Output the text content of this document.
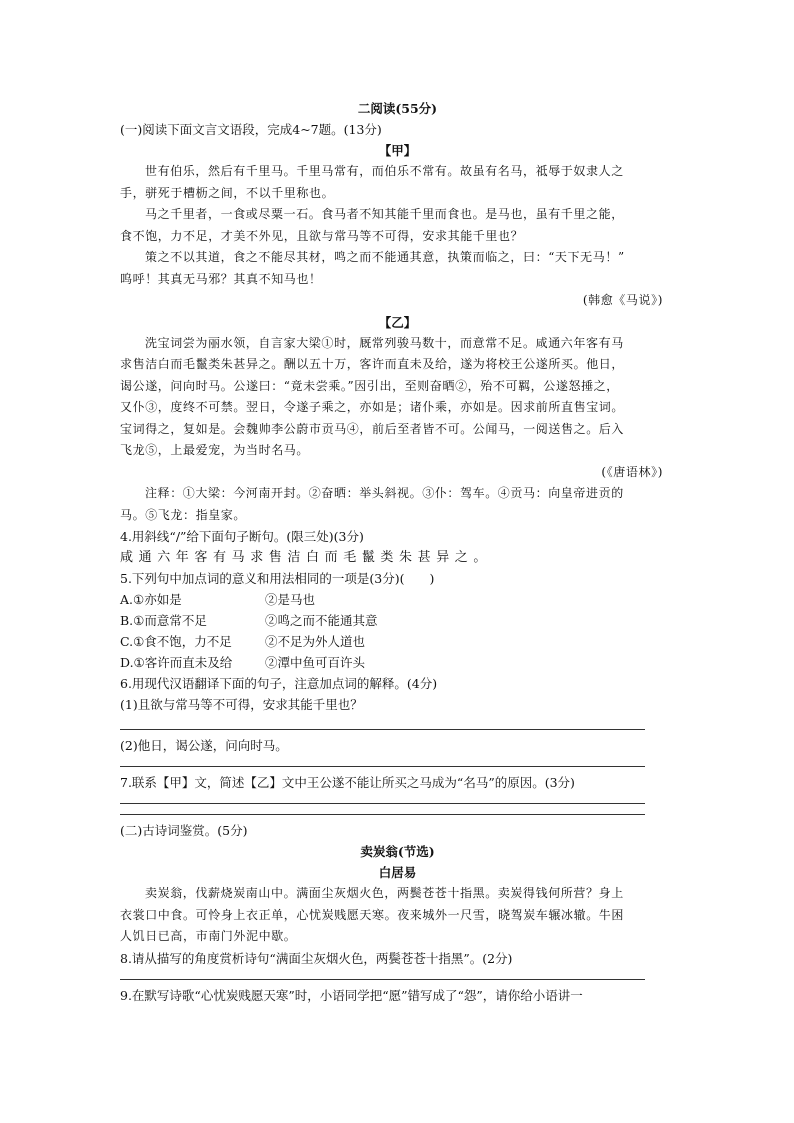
二阅读(55分)
(一)阅读下面文言文语段，完成4~7题。(13分)
【甲】
世有伯乐，然后有千里马。千里马常有，而伯乐不常有。故虽有名马，祗辱于奴隶人之
手，骈死于槽枥之间，不以千里称也。
马之千里者，一食或尽粟一石。食马者不知其能千里而食也。是马也，虽有千里之能，
食不饱，力不足，才美不外见，且欲与常马等不可得，安求其能千里也？
策之不以其道，食之不能尽其材，鸣之而不能通其意，执策而临之，曰：“天下无马！”
呜呼！其真无马邪？其真不知马也！
(韩愈《马说》)
【乙】
洗宝词尝为丽水领，自言家大梁①时，厩常列骏马数十，而意常不足。咸通六年客有马
求售洁白而毛鬣类朱甚异之。酬以五十万，客许而直未及给，遂为将校王公遂所买。他日，
谒公遂，问向时马。公遂曰：“竟未尝乘。”因引出，至则奋晒②，殆不可羁，公遂怒捶之，
又仆③，度终不可禁。翌日，令遂子乘之，亦如是；诸仆乘，亦如是。因求前所直售宝词。
宝词得之，复如是。会魏帅李公蔚市贡马④，前后至者皆不可。公闻马，一阅送售之。后入
飞龙⑤，上最爱宠，为当时名马。
(《唐语林》)
注释：①大梁：今河南开封。②奋晒：举头斜视。③仆：驾车。④贡马：向皇帝进贡的
马。⑤飞龙：指皇家。
4.用斜线“/”给下面句子断句。(限三处)(3分)
咸通六年客有马求售洁白而毛鬣类朱甚异之。
5.下列句中加点词的意义和用法相同的一项是(3分)(　　)
A.①亦如是	②是马也
B.①而意常不足	②鸣之而不能通其意
C.①食不饱，力不足	②不足为外人道也
D.①客许而直未及给	②潭中鱼可百许头
6.用现代汉语翻译下面的句子，注意加点词的解释。(4分)
(1)且欲与常马等不可得，安求其能千里也？
(2)他日，谒公遂，问向时马。
7.联系【甲】文，简述【乙】文中王公遂不能让所买之马成为“名马”的原因。(3分)
(二)古诗词鉴赏。(5分)
卖炭翁(节选)
白居易
卖炭翁，伐薪烧炭南山中。满面尘灰烟火色，两鬓苍苍十指黑。卖炭得钱何所营？身上
衣裳口中食。可怜身上衣正单，心忧炭贱愿天寒。夜来城外一尺雪，晓驾炭车辗冰辙。牛困
人饥日已高，市南门外泥中歇。
8.请从描写的角度赏析诗句“满面尘灰烟火色，两鬓苍苍十指黑”。(2分)
9.在默写诗歌“心忧炭贱愿天寒”时，小语同学把“愿”错写成了“怨”，请你给小语讲一
